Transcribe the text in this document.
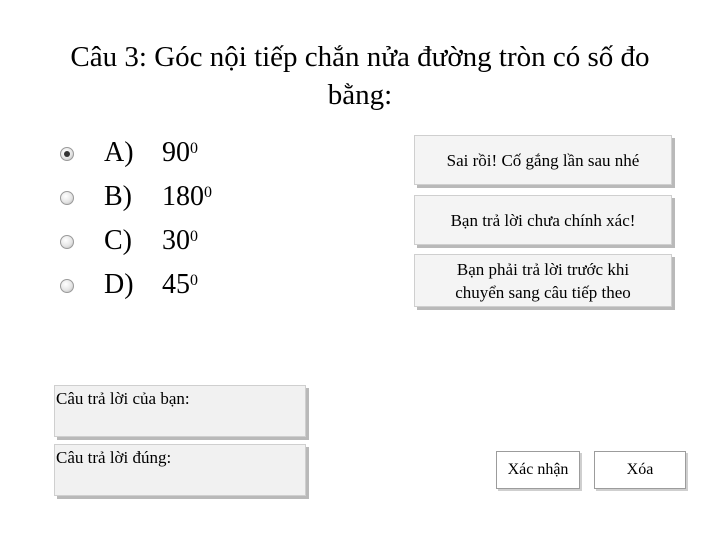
Câu 3: Góc nội tiếp chắn nửa đường tròn có số đo
bằng:
A) $90^0$
B) $180^0$
C) $30^0$
D) $45^0$
Sai rồi! Cố gắng lần sau nhé
Bạn trả lời chưa chính xác!
Bạn phải trả lời trước khi
chuyển sang câu tiếp theo
Câu trả lời của bạn:
Câu trả lời đúng:
Xác nhận	Xóa
